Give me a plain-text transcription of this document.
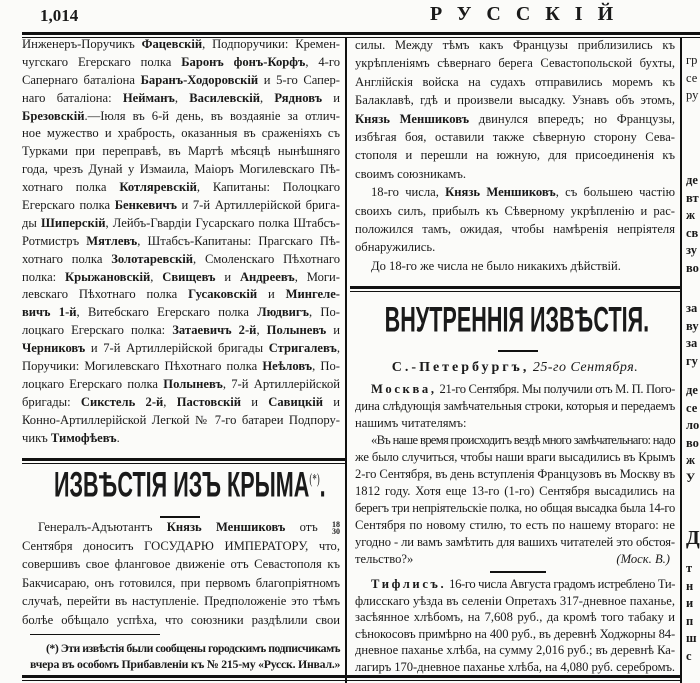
1,014	РУССКІЙ
Инженеръ-Поручикъ Фацевскій, Подпоручики: Кремен-
чугскаго Егерскаго полка Баронъ фонъ-Корфъ, 4-го
Сапернаго баталіона Баранъ-Ходоровскій и 5-го Сапер-
наго баталіона: Нейманъ, Василевскій, Рядновъ и
Брезовскій.—Іюля въ 6-й день, въ воздаяніе за отлич-
ное мужество и храбрость, оказанныя въ сраженіяхъ съ
Турками при переправѣ, въ Мартѣ мѣсяцѣ нынѣшняго
года, чрезъ Дунай у Измаила, Маіоръ Могилевскаго Пѣ-
хотнаго полка Котляревскій, Капитаны: Полоцкаго
Егерскаго полка Бенкевичъ и 7-й Артиллерійской брига-
ды Шиперскій, Лейбъ-Гвардіи Гусарскаго полка Штабсъ-
Ротмистръ Мятлевъ, Штабсъ-Капитаны: Прагскаго Пѣ-
хотнаго полка Золотаревскій, Смоленскаго Пѣхотнаго
полка: Крыжановскій, Свищевъ и Андреевъ, Моги-
левскаго Пѣхотнаго полка Гусаковскій и Мингеле-
вичъ 1-й, Витебскаго Егерскаго полка Людвигъ, По-
лоцкаго Егерскаго полка: Затаевичъ 2-й, Полыневъ и
Черниковъ и 7-й Артиллерійской бригады Стригалевъ,
Поручики: Могилевскаго Пѣхотнаго полка Неѣловъ, По-
лоцкаго Егерскаго полка Полыневъ, 7-й Артиллерійской
бригады: Сикстель 2-й, Пастовскій и Савицкій и
Конно-Артиллерійской Легкой № 7-го батареи Подпору-
чикъ Тимофѣевъ.
ИЗВѢСТІЯ ИЗЪ КРЫМА(*).
Генералъ-Адъютантъ Князь Меншиковъ отъ 18
30
Сентября доноситъ ГОСУДАРЮ ИМПЕРАТОРУ, что,
совершивъ свое фланговое движеніе отъ Севастополя къ
Бакчисараю, онъ готовился, при первомъ благопріятномъ
случаѣ, перейти въ наступленіе. Предположеніе это тѣмъ
болѣе обѣщало успѣха, что союзники раздѣлили свои
(*) Эти извѣстія были сообщены городскимъ подписчикамъ
вчера въ особомъ Прибавленіи къ № 215-му «Русск. Инвал.»
силы. Между тѣмъ какъ Французы приблизились къ
укрѣпленіямъ сѣвернаго берега Севастопольской бухты,
Англійскія войска на судахъ отправились моремъ къ
Балаклавѣ, гдѣ и произвели высадку. Узнавъ объ этомъ,
Князь Меншиковъ двинулся впередъ; но Французы,
избѣгая боя, оставили также сѣверную сторону Сева-
стополя и перешли на южную, для присоединенія къ
своимъ союзникамъ.
18-го числа, Князь Меншиковъ, съ большею частію
своихъ силъ, прибылъ къ Сѣверному укрѣпленію и рас-
положился тамъ, ожидая, чтобы намѣренія непріятеля
обнаружились.
До 18-го же числа не было никакихъ дѣйствій.
ВНУТРЕННІЯ ИЗВѢСТІЯ.
С.-Петербургъ, 25-го Сентября.
Москва, 21-го Сентября. Мы получили отъ М. П. Пого-
дина слѣдующія замѣчательныя строки, которыя и передаемъ
нашимъ читателямъ:
«Въ наше время происходитъ вездѣ много замѣчательнаго: надо
же было случиться, чтобы наши враги высадились въ Крымъ
2-го Сентября, въ день вступленія Французовъ въ Москву въ
1812 году. Хотя еще 13-го (1-го) Сентября высадились на
берегъ три непріятельскіе полка, но общая высадка была 14-го
Сентября по новому стилю, то есть по нашему втораго: не
угодно - ли вамъ замѣтить для вашихъ читателей это обстоя-
тельство?»	(Моск. В.)
Тифлисъ. 16-го числа Августа градомъ истреблено Ти-
флисскаго уѣзда въ селеніи Опретахъ 317-дневное паханье,
засѣянное хлѣбомъ, на 7,608 руб., да кромѣ того табаку и
сѣнокосовъ примѣрно на 400 руб., въ деревнѣ Ходжорны 84-
дневное паханье хлѣба, на сумму 2,016 руб.; въ деревнѣ Ка-
лагиръ 170-дневное паханье хлѣба, на 4,080 руб. серебромъ.
гр
се
ру
де
вт
ж
св
зу
во
за
ву
за
гу
де
се
ло
во
ж
У
Д
т
н
и
п
ш
с
